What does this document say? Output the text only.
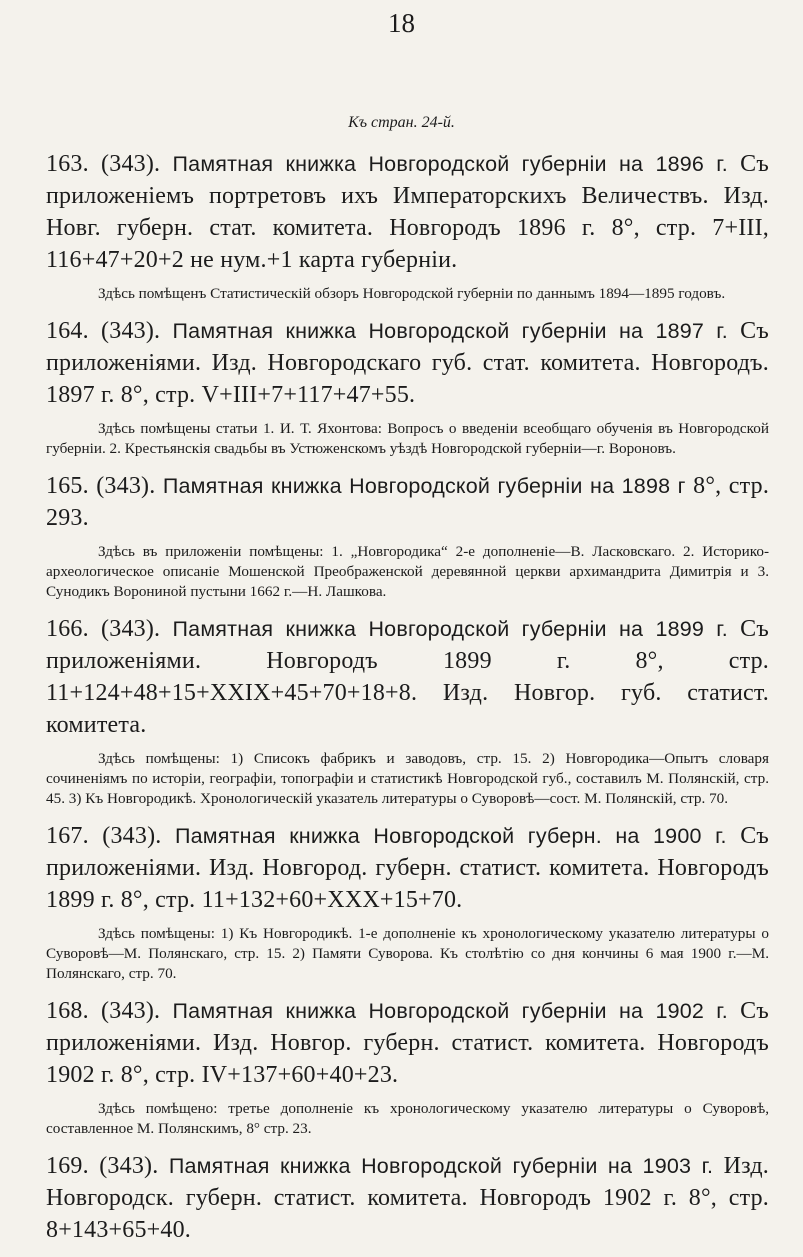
18
Къ стран. 24-й.
163. (343). Памятная книжка Новгородской губерніи на 1896 г. Съ приложеніемъ портретовъ ихъ Императорскихъ Величествъ. Изд. Новг. губерн. стат. комитета. Новгородъ 1896 г. 8°, стр. 7+III, 116+47+20+2 не нум.+1 карта губерніи.
Здѣсь помѣщенъ Статистическій обзоръ Новгородской губерніи по даннымъ 1894—1895 годовъ.
164. (343). Памятная книжка Новгородской губерніи на 1897 г. Съ приложеніями. Изд. Новгородскаго губ. стат. комитета. Новгородъ. 1897 г. 8°, стр. V+III+7+117+47+55.
Здѣсь помѣщены статьи 1. И. Т. Яхонтова: Вопросъ о введеніи всеобщаго обученія въ Новгородской губерніи. 2. Крестьянскія свадьбы въ Устюженскомъ уѣздѣ Новгородской губерніи—г. Вороновъ.
165. (343). Памятная книжка Новгородской губерніи на 1898 г 8°, стр. 293.
Здѣсь въ приложеніи помѣщены: 1. „Новгородика“ 2-е дополненіе—В. Ласковскаго. 2. Историко-археологическое описаніе Мошенской Преображенской деревянной церкви архимандрита Димитрія и 3. Сунодикъ Воронинoй пустыни 1662 г.—Н. Лашкова.
166. (343). Памятная книжка Новгородской губерніи на 1899 г. Съ приложеніями. Новгородъ 1899 г. 8°, стр. 11+124+48+15+XXIX+45+70+18+8. Изд. Новгор. губ. статист. комитета.
Здѣсь помѣщены: 1) Списокъ фабрикъ и заводовъ, стр. 15. 2) Новгородика—Опытъ словаря сочиненіямъ по исторіи, географіи, топографіи и статистикѣ Новгородской губ., составилъ М. Полянскій, стр. 45. 3) Къ Новгородикѣ. Хронологическій указатель литературы о Суворовѣ—сост. М. Полянскій, стр. 70.
167. (343). Памятная книжка Новгородской губерн. на 1900 г. Съ приложеніями. Изд. Новгород. губерн. статист. комитета. Новгородъ 1899 г. 8°, стр. 11+132+60+XXX+15+70.
Здѣсь помѣщены: 1) Къ Новгородикѣ. 1-е дополненіе къ хронологическому указателю литературы о Суворовѣ—М. Полянскаго, стр. 15. 2) Памяти Суворова. Къ столѣтію со дня кончины 6 мая 1900 г.—М. Полянскаго, стр. 70.
168. (343). Памятная книжка Новгородской губерніи на 1902 г. Съ приложеніями. Изд. Новгор. губерн. статист. комитета. Новгородъ 1902 г. 8°, стр. IV+137+60+40+23.
Здѣсь помѣщено: третье дополненіе къ хронологическому указателю литературы о Суворовѣ, составленное М. Полянскимъ, 8° стр. 23.
169. (343). Памятная книжка Новгородской губерніи на 1903 г. Изд. Новгородск. губерн. статист. комитета. Новгородъ 1902 г. 8°, стр. 8+143+65+40.
